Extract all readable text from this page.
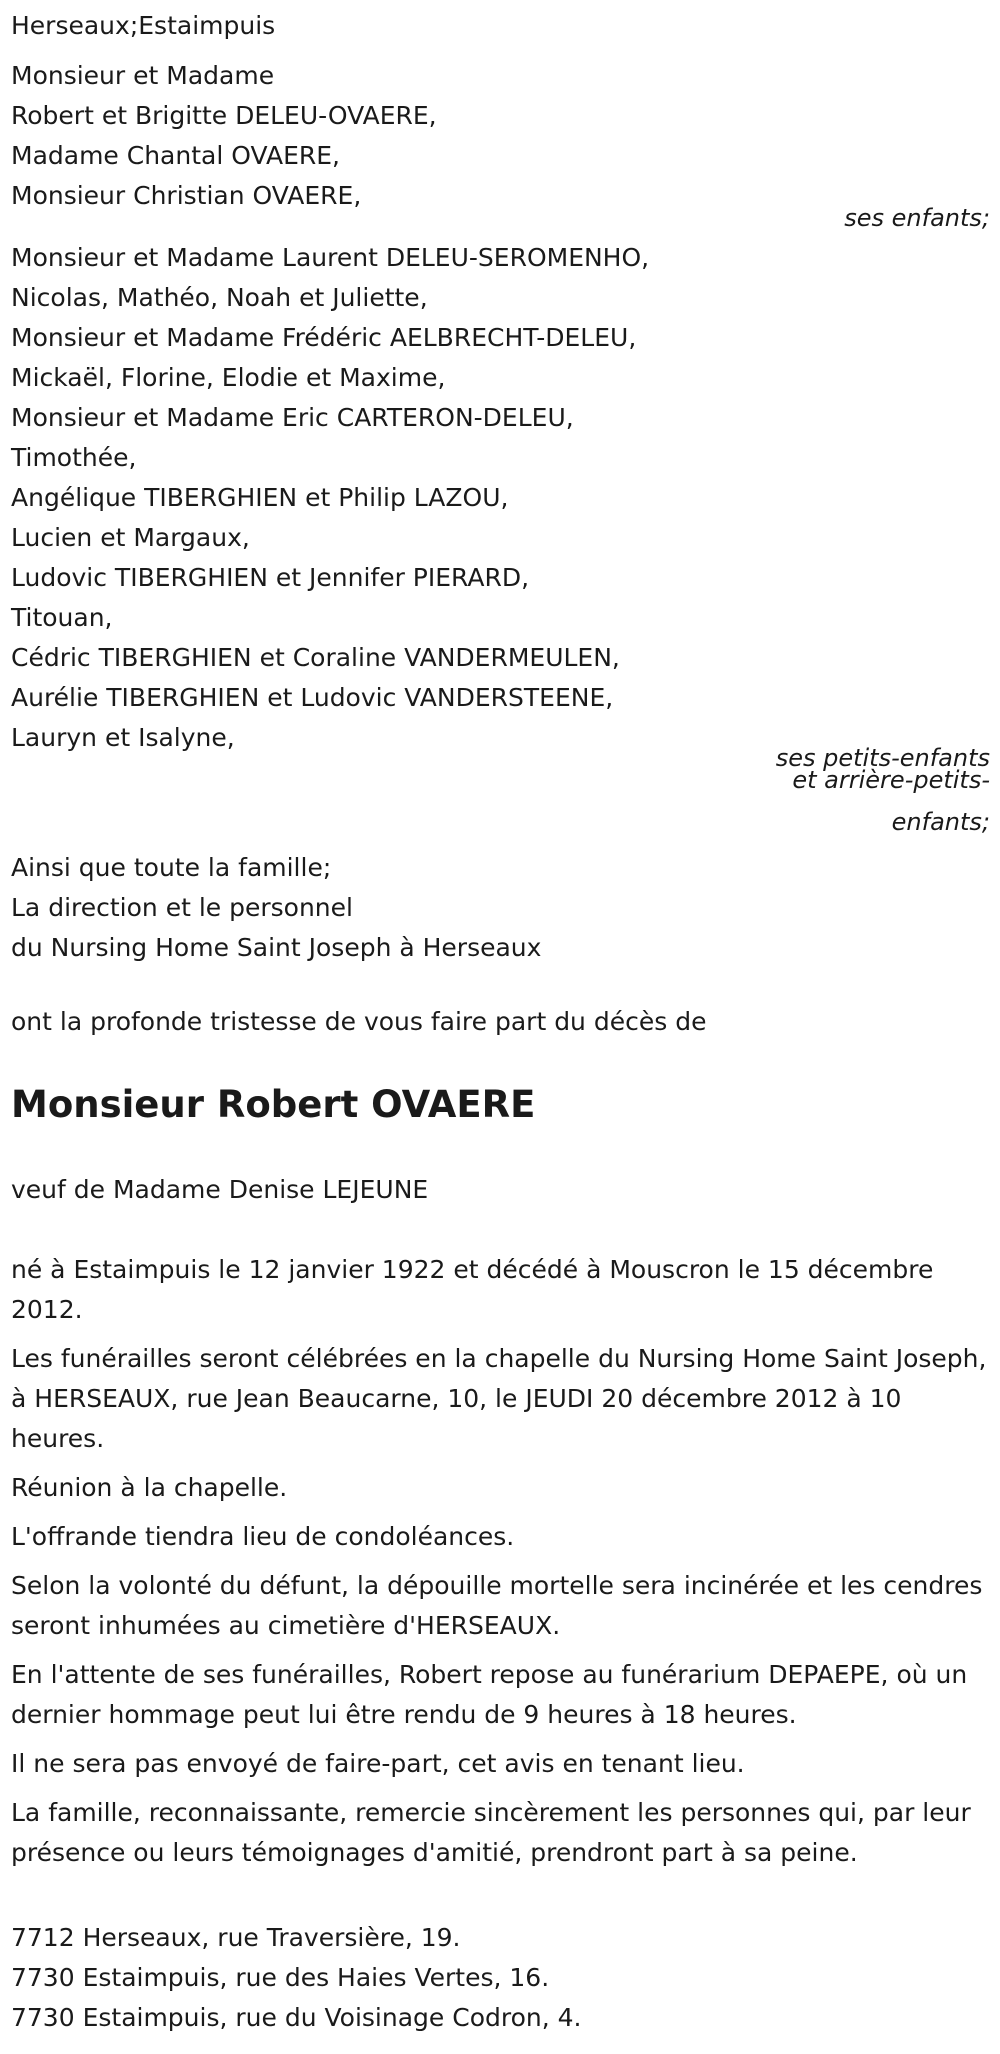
Herseaux;Estaimpuis
Monsieur et Madame
Robert et Brigitte DELEU-OVAERE,
Madame Chantal OVAERE,
Monsieur Christian OVAERE,
ses enfants;
Monsieur et Madame Laurent DELEU-SEROMENHO,
Nicolas, Mathéo, Noah et Juliette,
Monsieur et Madame Frédéric AELBRECHT-DELEU,
Mickaël, Florine, Elodie et Maxime,
Monsieur et Madame Eric CARTERON-DELEU,
Timothée,
Angélique TIBERGHIEN et Philip LAZOU,
Lucien et Margaux,
Ludovic TIBERGHIEN et Jennifer PIERARD,
Titouan,
Cédric TIBERGHIEN et Coraline VANDERMEULEN,
Aurélie TIBERGHIEN et Ludovic VANDERSTEENE,
Lauryn et Isalyne,
ses petits-enfants
et arrière-petits-
enfants;
Ainsi que toute la famille;
La direction et le personnel
du Nursing Home Saint Joseph à Herseaux
ont la profonde tristesse de vous faire part du décès de
Monsieur Robert OVAERE
veuf de Madame Denise LEJEUNE
né à Estaimpuis le 12 janvier 1922 et décédé à Mouscron le 15 décembre 2012.
Les funérailles seront célébrées en la chapelle du Nursing Home Saint Joseph, à HERSEAUX, rue Jean Beaucarne, 10, le JEUDI 20 décembre 2012 à 10 heures.
Réunion à la chapelle.
L'offrande tiendra lieu de condoléances.
Selon la volonté du défunt, la dépouille mortelle sera incinérée et les cendres seront inhumées au cimetière d'HERSEAUX.
En l'attente de ses funérailles, Robert repose au funérarium DEPAEPE, où un dernier hommage peut lui être rendu de 9 heures à 18 heures.
Il ne sera pas envoyé de faire-part, cet avis en tenant lieu.
La famille, reconnaissante, remercie sincèrement les personnes qui, par leur présence ou leurs témoignages d'amitié, prendront part à sa peine.
7712 Herseaux, rue Traversière, 19.
7730 Estaimpuis, rue des Haies Vertes, 16.
7730 Estaimpuis, rue du Voisinage Codron, 4.
